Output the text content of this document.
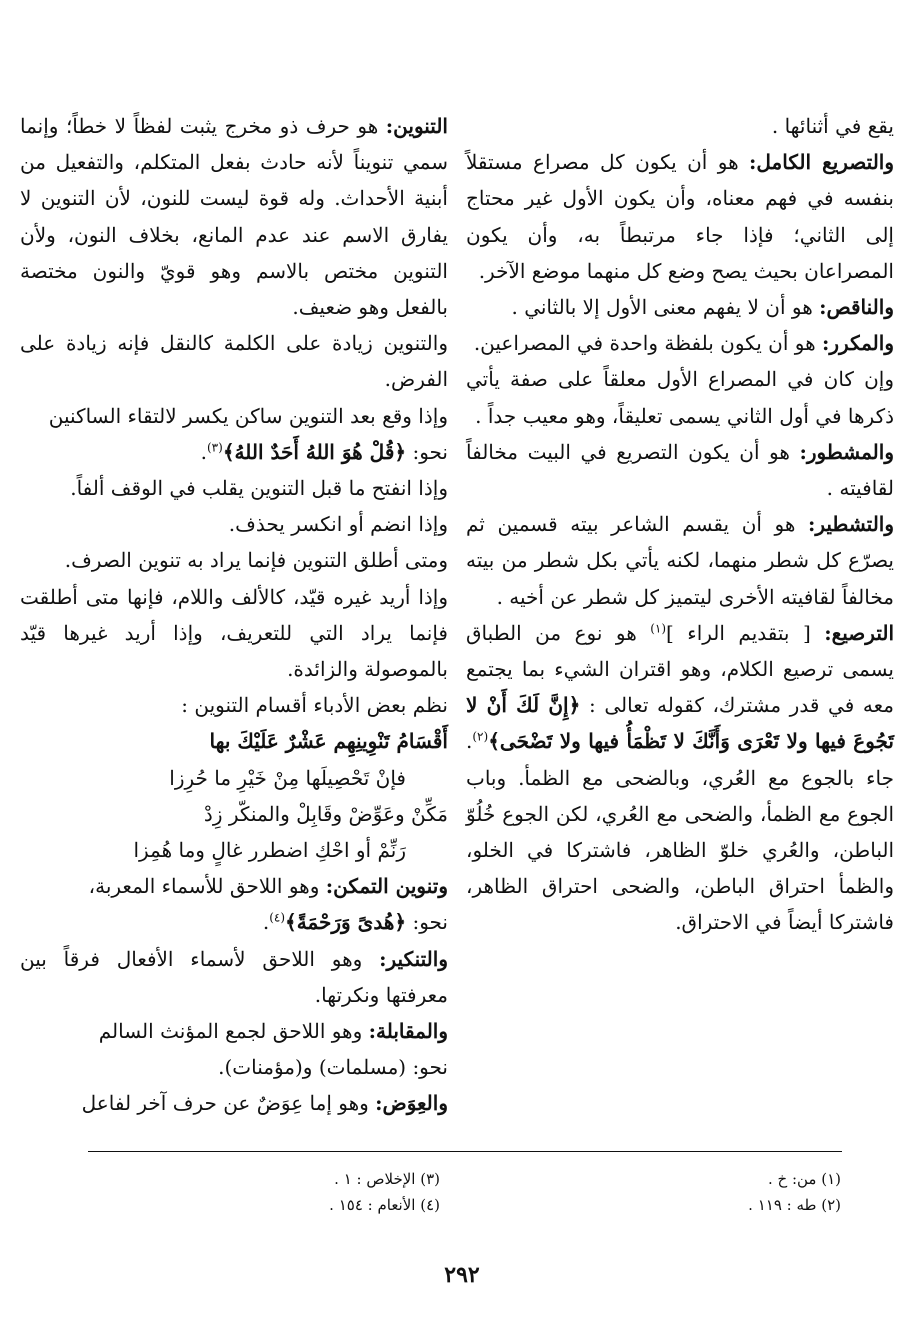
يقع في أثنائها .

والتصريع الكامل: هو أن يكون كل مصراع مستقلاً بنفسه في فهم معناه، وأن يكون الأول غير محتاج إلى الثاني؛ فإذا جاء مرتبطاً به، وأن يكون المصراعان بحيث يصح وضع كل منهما موضع الآخر.

والناقص: هو أن لا يفهم معنى الأول إلا بالثاني .

والمكرر: هو أن يكون بلفظة واحدة في المصراعين.

وإن كان في المصراع الأول معلقاً على صفة يأتي ذكرها في أول الثاني يسمى تعليقاً، وهو معيب جداً .

والمشطور: هو أن يكون التصريع في البيت مخالفاً لقافيته .

والتشطير: هو أن يقسم الشاعر بيته قسمين ثم يصرّع كل شطر منهما، لكنه يأتي بكل شطر من بيته مخالفاً لقافيته الأخرى ليتميز كل شطر عن أخيه .

الترصيع: [ بتقديم الراء ]$^{(١)}$ هو نوع من الطباق يسمى ترصيع الكلام، وهو اقتران الشيء بما يجتمع معه في قدر مشترك، كقوله تعالى : ﴿إِنَّ لَكَ أَنْ لا تَجُوعَ فيها ولا تَعْرَى وَأَنَّكَ لا تَظْمَأُ فيها ولا تَضْحَى﴾$^{(٢)}$. جاء بالجوع مع العُري، وبالضحى مع الظمأ. وباب الجوع مع الظمأ، والضحى مع العُري، لكن الجوع خُلُوّ الباطن، والعُري خلوّ الظاهر، فاشتركا في الخلو، والظمأ احتراق الباطن، والضحى احتراق الظاهر، فاشتركا أيضاً في الاحتراق.

التنوين: هو حرف ذو مخرج يثبت لفظاً لا خطاً؛ وإنما سمي تنويناً لأنه حادث بفعل المتكلم، والتفعيل من أبنية الأحداث. وله قوة ليست للنون، لأن التنوين لا يفارق الاسم عند عدم المانع، بخلاف النون، ولأن التنوين مختص بالاسم وهو قويّ والنون مختصة بالفعل وهو ضعيف.

والتنوين زيادة على الكلمة كالنقل فإنه زيادة على الفرض.

وإذا وقع بعد التنوين ساكن يكسر لالتقاء الساكنين

نحو: ﴿قُلْ هُوَ اللهُ أَحَدٌ اللهُ﴾$^{(٣)}$.

وإذا انفتح ما قبل التنوين يقلب في الوقف ألفاً.

وإذا انضم أو انكسر يحذف.

ومتى أطلق التنوين فإنما يراد به تنوين الصرف.

وإذا أريد غيره قيّد، كالألف واللام، فإنها متى أطلقت فإنما يراد التي للتعريف، وإذا أريد غيرها قيّد بالموصولة والزائدة.

نظم بعض الأدباء أقسام التنوين :

أَقْسَامُ تَنْوِينِهِم عَشْرٌ عَلَيْكَ بها
فإنْ تَحْصِيلَها مِنْ خَيْرِ ما حُرِزا
مَكِّنْ وعَوِّضْ وقَابِلْ والمنكّر زِدْ
رَنِّمْ أو احْكِ اضطرر غالٍ وما هُمِزا

وتنوين التمكن: وهو اللاحق للأسماء المعربة،

نحو: ﴿هُدىً وَرَحْمَةً﴾$^{(٤)}$.

والتنكير: وهو اللاحق لأسماء الأفعال فرقاً بين معرفتها ونكرتها.

والمقابلة: وهو اللاحق لجمع المؤنث السالم

نحو: (مسلمات) و(مؤمنات).

والعِوَض: وهو إما عِوَضٌ عن حرف آخر لفاعل

(١) من: خ .

(٢) طه : ١١٩ .

(٣) الإخلاص : ١ .

(٤) الأنعام : ١٥٤ .

٢٩٢
